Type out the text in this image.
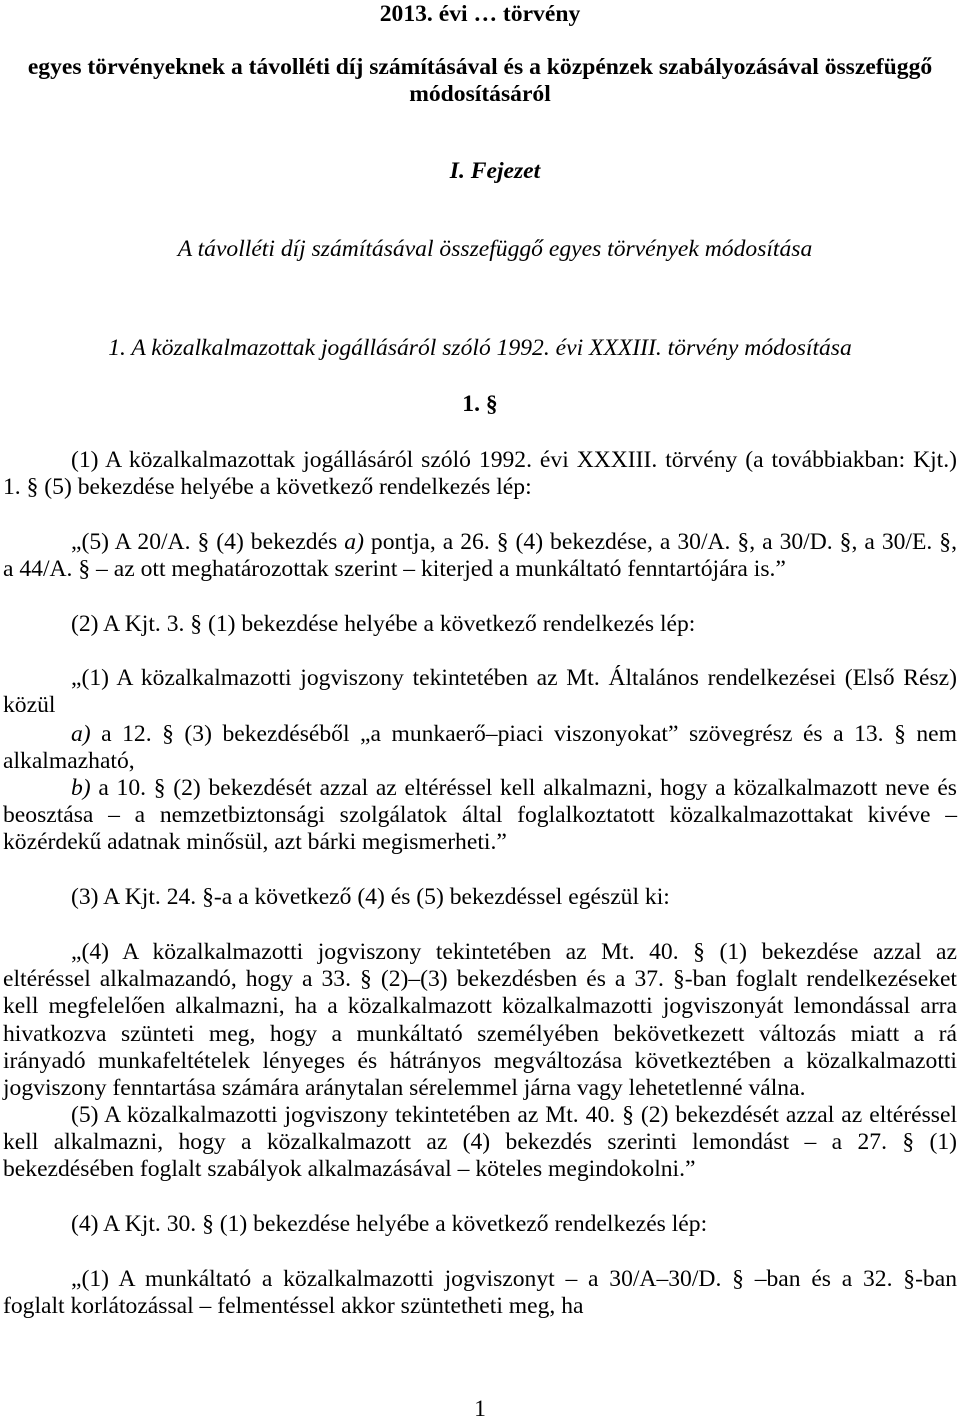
2013. évi … törvény
egyes törvényeknek a távolléti díj számításával és a közpénzek szabályozásával összefüggő
módosításáról
I. Fejezet
A távolléti díj számításával összefüggő egyes törvények módosítása
1. A közalkalmazottak jogállásáról szóló 1992. évi XXXIII. törvény módosítása
1. §
(1) A közalkalmazottak jogállásáról szóló 1992. évi XXXIII. törvény (a továbbiakban: Kjt.)
1. § (5) bekezdése helyébe a következő rendelkezés lép:
„(5) A 20/A. § (4) bekezdés a) pontja, a 26. § (4) bekezdése, a 30/A. §, a 30/D. §, a 30/E. §,
a 44/A. § – az ott meghatározottak szerint – kiterjed a munkáltató fenntartójára is.”
(2) A Kjt. 3. § (1) bekezdése helyébe a következő rendelkezés lép:
„(1) A közalkalmazotti jogviszony tekintetében az Mt. Általános rendelkezései (Első Rész)
közül
a) a 12. § (3) bekezdéséből „a munkaerő–piaci viszonyokat” szövegrész és a 13. § nem
alkalmazható,
b) a 10. § (2) bekezdését azzal az eltéréssel kell alkalmazni, hogy a közalkalmazott neve és
beosztása – a nemzetbiztonsági szolgálatok által foglalkoztatott közalkalmazottakat kivéve –
közérdekű adatnak minősül, azt bárki megismerheti.”
(3) A Kjt. 24. §-a a következő (4) és (5) bekezdéssel egészül ki:
„(4) A közalkalmazotti jogviszony tekintetében az Mt. 40. § (1) bekezdése azzal az
eltéréssel alkalmazandó, hogy a 33. § (2)–(3) bekezdésben és a 37. §-ban foglalt rendelkezéseket
kell megfelelően alkalmazni, ha a közalkalmazott közalkalmazotti jogviszonyát lemondással arra
hivatkozva szünteti meg, hogy a munkáltató személyében bekövetkezett változás miatt a rá
irányadó munkafeltételek lényeges és hátrányos megváltozása következtében a közalkalmazotti
jogviszony fenntartása számára aránytalan sérelemmel járna vagy lehetetlenné válna.
(5) A közalkalmazotti jogviszony tekintetében az Mt. 40. § (2) bekezdését azzal az eltéréssel
kell alkalmazni, hogy a közalkalmazott az (4) bekezdés szerinti lemondást – a 27. § (1)
bekezdésében foglalt szabályok alkalmazásával – köteles megindokolni.”
(4) A Kjt. 30. § (1) bekezdése helyébe a következő rendelkezés lép:
„(1) A munkáltató a közalkalmazotti jogviszonyt – a 30/A–30/D. § –ban és a 32. §-ban
foglalt korlátozással – felmentéssel akkor szüntetheti meg, ha
1
